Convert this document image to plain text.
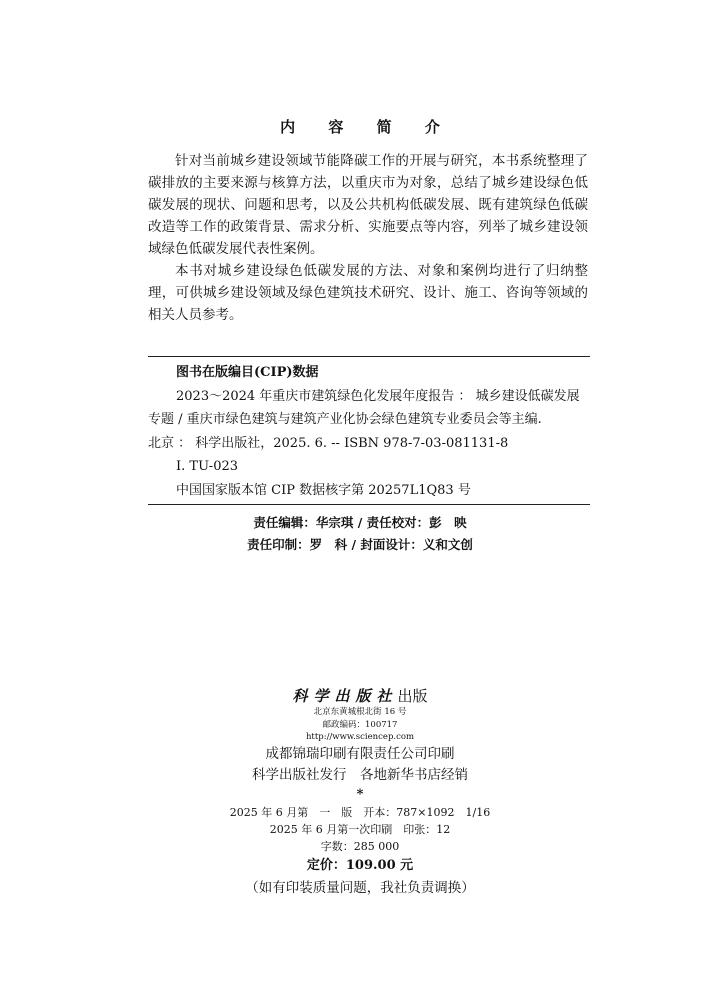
内 容 简 介

针对当前城乡建设领域节能降碳工作的开展与研究，本书系统整理了碳排放的主要来源与核算方法，以重庆市为对象，总结了城乡建设绿色低碳发展的现状、问题和思考，以及公共机构低碳发展、既有建筑绿色低碳改造等工作的政策背景、需求分析、实施要点等内容，列举了城乡建设领域绿色低碳发展代表性案例。

本书对城乡建设绿色低碳发展的方法、对象和案例均进行了归纳整理，可供城乡建设领域及绿色建筑技术研究、设计、施工、咨询等领域的相关人员参考。

图书在版编目(CIP)数据
2023～2024 年重庆市建筑绿色化发展年度报告 ： 城乡建设低碳发展
专题 / 重庆市绿色建筑与建筑产业化协会绿色建筑专业委员会等主编.
北京 ： 科学出版社，2025. 6. -- ISBN 978-7-03-081131-8
Ⅰ. TU-023
中国国家版本馆 CIP 数据核字第 20257L1Q83 号
责任编辑：华宗琪 / 责任校对：彭　映
责任印制：罗　科 / 封面设计：义和文创
科学出版社出版
北京东黄城根北街 16 号
邮政编码：100717
http://www.sciencep.com
成都锦瑞印刷有限责任公司印刷
科学出版社发行　各地新华书店经销
*
2025 年 6 月第　一　版　开本：787×1092　1/16
2025 年 6 月第一次印刷　印张：12
字数：285 000
定价：109.00 元
（如有印装质量问题，我社负责调换）
